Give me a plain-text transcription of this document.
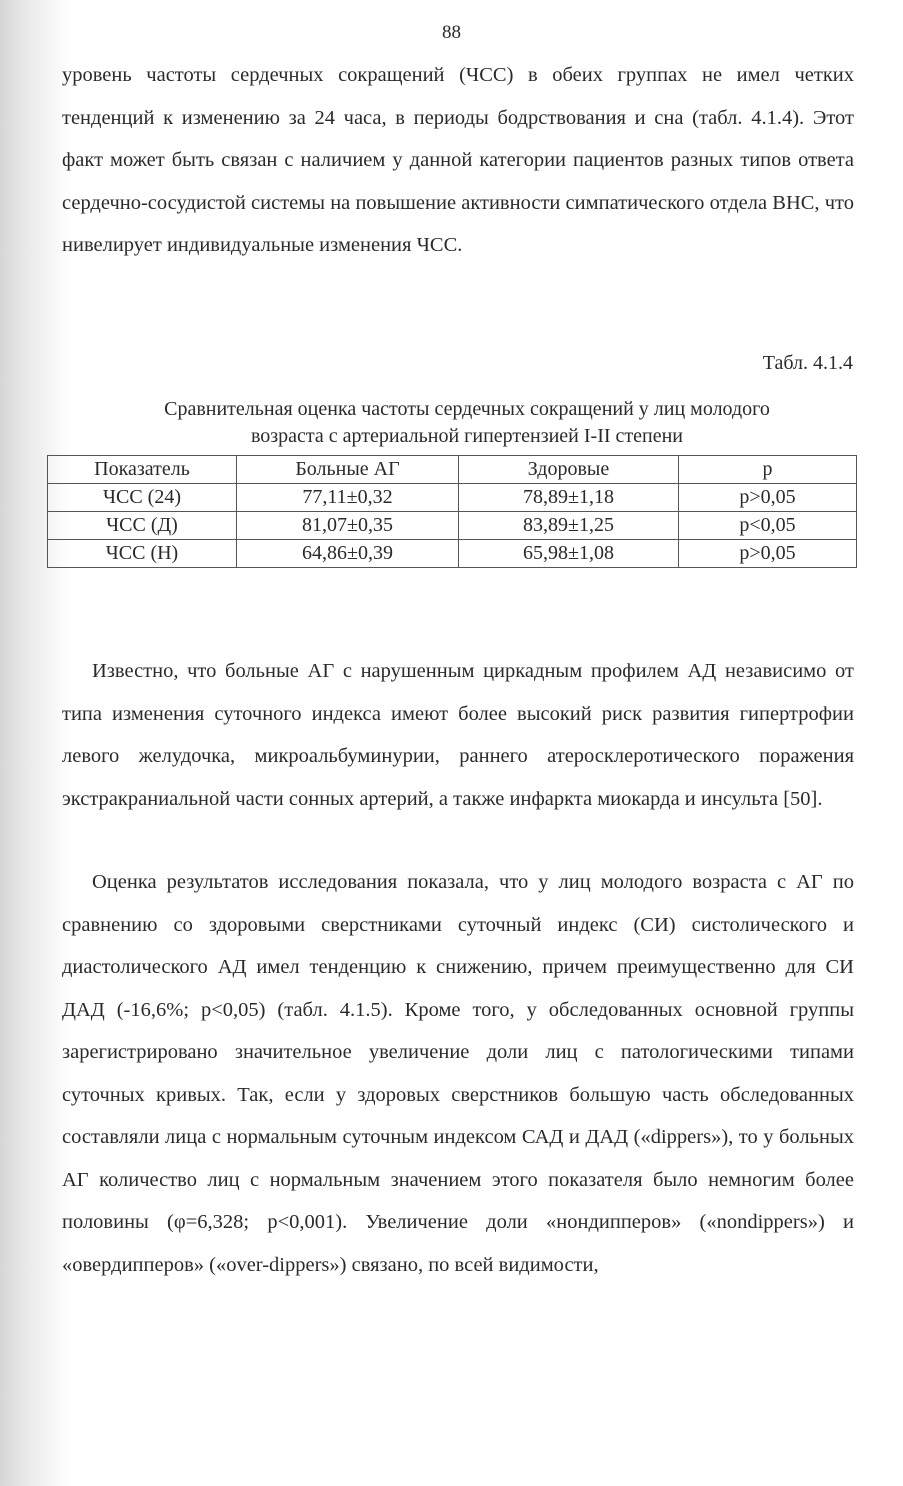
88
уровень частоты сердечных сокращений (ЧСС) в обеих группах не имел четких тенденций к изменению за 24 часа, в периоды бодрствования и сна (табл. 4.1.4). Этот факт может быть связан с наличием у данной категории пациентов разных типов ответа сердечно-сосудистой системы на повышение активности симпатического отдела ВНС, что нивелирует индивидуальные изменения ЧСС.
Табл. 4.1.4
Сравнительная оценка частоты сердечных сокращений у лиц молодого
возраста с артериальной гипертензией I-II степени
Показатель	Больные АГ	Здоровые	p
ЧСС (24)	77,11±0,32	78,89±1,18	p>0,05
ЧСС (Д)	81,07±0,35	83,89±1,25	p<0,05
ЧСС (Н)	64,86±0,39	65,98±1,08	p>0,05
Известно, что больные АГ с нарушенным циркадным профилем АД независимо от типа изменения суточного индекса имеют более высокий риск развития гипертрофии левого желудочка, микроальбуминурии, раннего атеросклеротического поражения экстракраниальной части сонных артерий, а также инфаркта миокарда и инсульта [50].
Оценка результатов исследования показала, что у лиц молодого возраста с АГ по сравнению со здоровыми сверстниками суточный индекс (СИ) систолического и диастолического АД имел тенденцию к снижению, причем преимущественно для СИ ДАД (-16,6%; p<0,05) (табл. 4.1.5). Кроме того, у обследованных основной группы зарегистрировано значительное увеличение доли лиц с патологическими типами суточных кривых. Так, если у здоровых сверстников большую часть обследованных составляли лица с нормальным суточным индексом САД и ДАД («dippers»), то у больных АГ количество лиц с нормальным значением этого показателя было немногим более половины (φ=6,328; p<0,001). Увеличение доли «нондипперов» («nondippers») и «овердипперов» («over-dippers») связано, по всей видимости,
